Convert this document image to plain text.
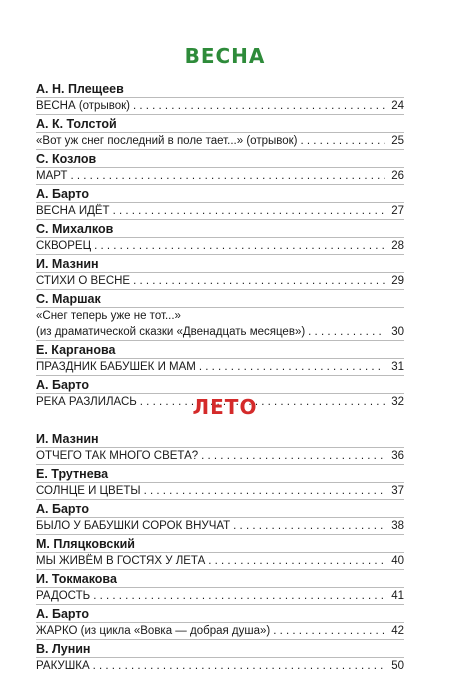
ВЕСНА
А. Н. Плещеев
ВЕСНА (отрывок) . . .	24
А. К. Толстой
«Вот уж снег последний в поле тает...» (отрывок) . . .	25
С. Козлов
МАРТ . . .	26
А. Барто
ВЕСНА ИДЁТ . . .	27
С. Михалков
СКВОРЕЦ . . .	28
И. Мазнин
СТИХИ О ВЕСНЕ . . .	29
С. Маршак
«Снег теперь уже не тот...»
(из драматической сказки «Двенадцать месяцев») . . .	30
Е. Карганова
ПРАЗДНИК БАБУШЕК И МАМ . . .	31
А. Барто
РЕКА РАЗЛИЛАСЬ . . .	32
ЛЕТО
И. Мазнин
ОТЧЕГО ТАК МНОГО СВЕТА? . . .	36
Е. Трутнева
СОЛНЦЕ И ЦВЕТЫ . . .	37
А. Барто
БЫЛО У БАБУШКИ СОРОК ВНУЧАТ . . .	38
М. Пляцковский
МЫ ЖИВЁМ В ГОСТЯХ У ЛЕТА . . .	40
И. Токмакова
РАДОСТЬ . . .	41
А. Барто
ЖАРКО (из цикла «Вовка — добрая душа») . . .	42
В. Лунин
РАКУШКА . . .	50
